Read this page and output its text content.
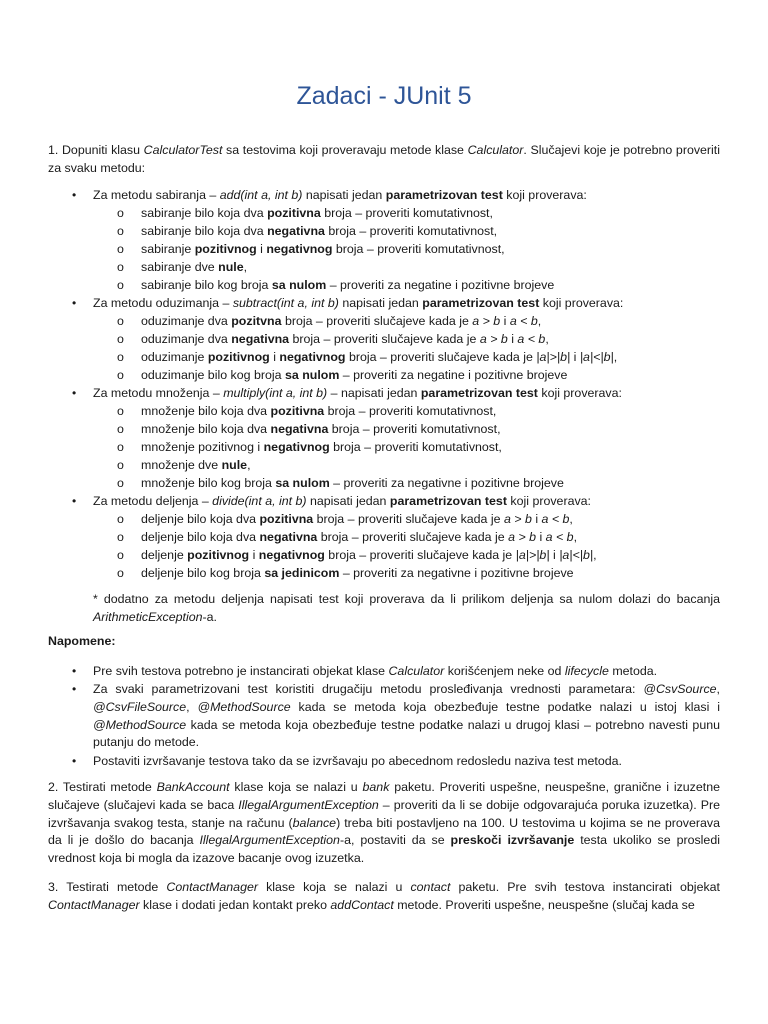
Zadaci - JUnit 5

1. Dopuniti klasu CalculatorTest sa testovima koji proveravaju metode klase Calculator. Slučajevi koje je potrebno proveriti za svaku metodu:

• Za metodu sabiranja – add(int a, int b) napisati jedan parametrizovan test koji proverava:
o sabiranje bilo koja dva pozitivna broja – proveriti komutativnost,
o sabiranje bilo koja dva negativna broja – proveriti komutativnost,
o sabiranje pozitivnog i negativnog broja – proveriti komutativnost,
o sabiranje dve nule,
o sabiranje bilo kog broja sa nulom – proveriti za negatine i pozitivne brojeve
• Za metodu oduzimanja – subtract(int a, int b) napisati jedan parametrizovan test koji proverava:
o oduzimanje dva pozitvna broja – proveriti slučajeve kada je a > b i a < b,
o oduzimanje dva negativna broja – proveriti slučajeve kada je a > b i a < b,
o oduzimanje pozitivnog i negativnog broja – proveriti slučajeve kada je |a|>|b| i |a|<|b|,
o oduzimanje bilo kog broja sa nulom – proveriti za negatine i pozitivne brojeve
• Za metodu množenja – multiply(int a, int b) – napisati jedan parametrizovan test koji proverava:
o množenje bilo koja dva pozitivna broja – proveriti komutativnost,
o množenje bilo koja dva negativna broja – proveriti komutativnost,
o množenje pozitivnog i negativnog broja – proveriti komutativnost,
o množenje dve nule,
o množenje bilo kog broja sa nulom – proveriti za negativne i pozitivne brojeve
• Za metodu deljenja – divide(int a, int b) napisati jedan parametrizovan test koji proverava:
o deljenje bilo koja dva pozitivna broja – proveriti slučajeve kada je a > b i a < b,
o deljenje bilo koja dva negativna broja – proveriti slučajeve kada je a > b i a < b,
o deljenje pozitivnog i negativnog broja – proveriti slučajeve kada je |a|>|b| i |a|<|b|,
o deljenje bilo kog broja sa jedinicom – proveriti za negativne i pozitivne brojeve

* dodatno za metodu deljenja napisati test koji proverava da li prilikom deljenja sa nulom dolazi do bacanja ArithmeticException-a.

Napomene:

• Pre svih testova potrebno je instancirati objekat klase Calculator korišćenjem neke od lifecycle metoda.

• Za svaki parametrizovani test koristiti drugačiju metodu prosleđivanja vrednosti parametara: @CsvSource, @CsvFileSource, @MethodSource kada se metoda koja obezbeđuje testne podatke nalazi u istoj klasi i @MethodSource kada se metoda koja obezbeđuje testne podatke nalazi u drugoj klasi – potrebno navesti punu putanju do metode.

• Postaviti izvršavanje testova tako da se izvršavaju po abecednom redosledu naziva test metoda.

2. Testirati metode BankAccount klase koja se nalazi u bank paketu. Proveriti uspešne, neuspešne, granične i izuzetne slučajeve (slučajevi kada se baca IllegalArgumentException – proveriti da li se dobije odgovarajuća poruka izuzetka). Pre izvršavanja svakog testa, stanje na računu (balance) treba biti postavljeno na 100. U testovima u kojima se ne proverava da li je došlo do bacanja IllegalArgumentException-a, postaviti da se preskoči izvršavanje testa ukoliko se prosledi vrednost koja bi mogla da izazove bacanje ovog izuzetka.

3. Testirati metode ContactManager klase koja se nalazi u contact paketu. Pre svih testova instancirati objekat ContactManager klase i dodati jedan kontakt preko addContact metode. Proveriti uspešne, neuspešne (slučaj kada se
